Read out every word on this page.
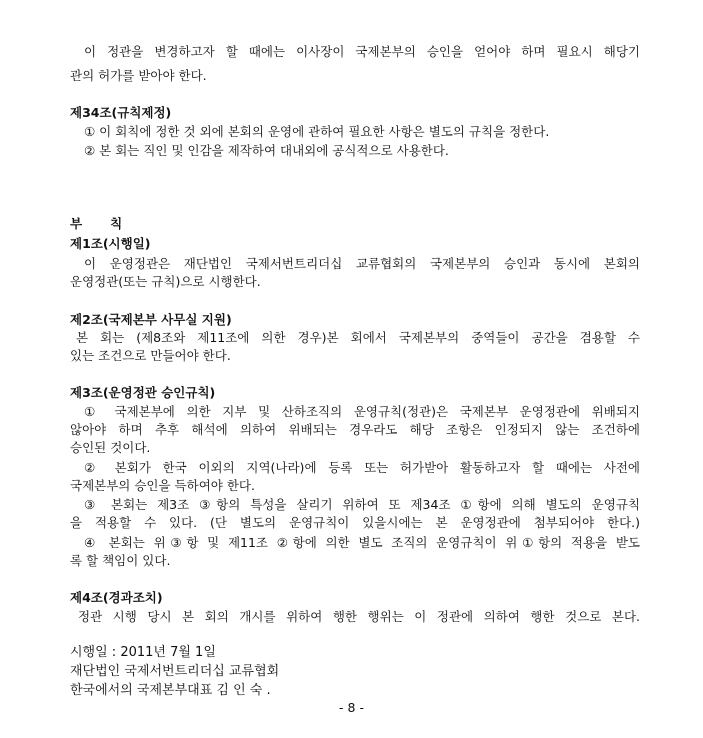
이 정관을 변경하고자 할 때에는 이사장이 국제본부의 승인을 얻어야 하며 필요시 해당기
관의 허가를 받아야 한다.
제34조(규칙제정)
① 이 회칙에 정한 것 외에 본회의 운영에 관하여 필요한 사항은 별도의 규칙을 정한다.
② 본 회는 직인 및 인감을 제작하여 대내외에 공식적으로 사용한다.
부 칙
제1조(시행일)
이 운영정관은 재단법인 국제서번트리더십 교류협회의 국제본부의 승인과 동시에 본회의
운영정관(또는 규칙)으로 시행한다.
제2조(국제본부 사무실 지원)
본 회는 (제8조와 제11조에 의한 경우)본 회에서 국제본부의 중역들이 공간을 겸용할 수
있는 조건으로 만들어야 한다.
제3조(운영정관 승인규칙)
① 국제본부에 의한 지부 및 산하조직의 운영규칙(정관)은 국제본부 운영정관에 위배되지
않아야 하며 추후 해석에 의하여 위배되는 경우라도 해당 조항은 인정되지 않는 조건하에
승인된 것이다.
② 본회가 한국 이외의 지역(나라)에 등록 또는 허가받아 활동하고자 할 때에는 사전에
국제본부의 승인을 득하여야 한다.
③ 본회는 제3조 ③항의 특성을 살리기 위하여 또 제34조 ①항에 의해 별도의 운영규칙
을 적용할 수 있다. (단 별도의 운영규칙이 있을시에는 본 운영정관에 첨부되어야 한다.)
④ 본회는 위③항 및 제11조 ②항에 의한 별도 조직의 운영규칙이 위①항의 적용을 받도
록 할 책임이 있다.
제4조(경과조치)
정관 시행 당시 본 회의 개시를 위하여 행한 행위는 이 정관에 의하여 행한 것으로 본다.
시행일 : 2011년 7월 1일
재단법인 국제서번트리더십 교류협회
한국에서의 국제본부대표 김 인 숙 .
- 8 -
